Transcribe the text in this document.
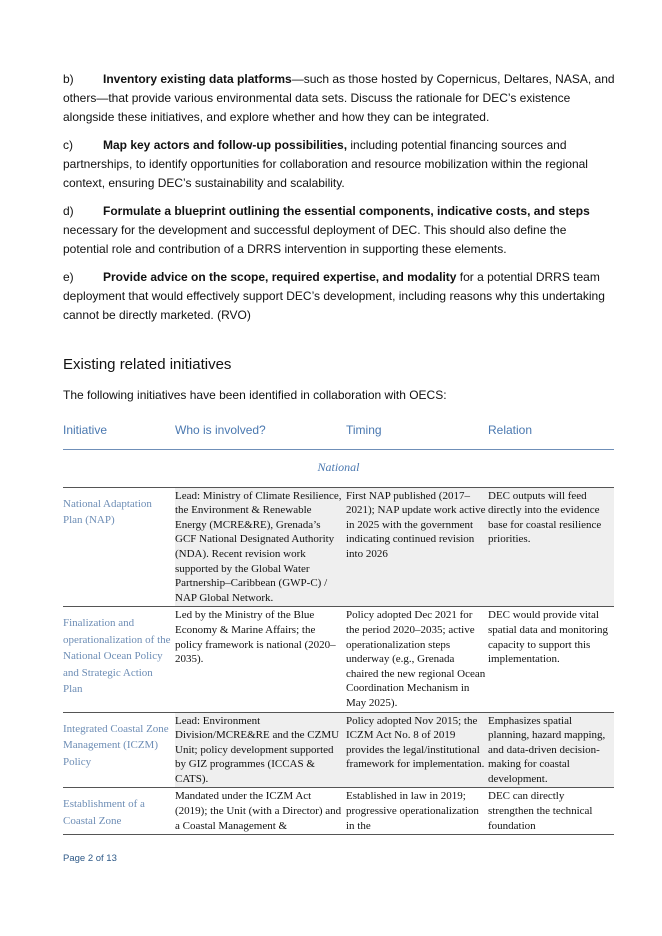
b) Inventory existing data platforms—such as those hosted by Copernicus, Deltares, NASA, and others—that provide various environmental data sets. Discuss the rationale for DEC’s existence alongside these initiatives, and explore whether and how they can be integrated.

c)	Map key actors and follow-up possibilities, including potential financing sources and partnerships, to identify opportunities for collaboration and resource mobilization within the regional context, ensuring DEC’s sustainability and scalability.

d) Formulate a blueprint outlining the essential components, indicative costs, and steps necessary for the development and successful deployment of DEC. This should also define the potential role and contribution of a DRRS intervention in supporting these elements.

e) Provide advice on the scope, required expertise, and modality for a potential DRRS team deployment that would effectively support DEC’s development, including reasons why this undertaking cannot be directly marketed. (RVO)

Existing related initiatives
The following initiatives have been identified in collaboration with OECS:
Initiative	Who is involved?	Timing	Relation
National			
National Adaptation Plan (NAP)	Lead: Ministry of Climate Resilience, the Environment & Renewable Energy (MCRE&RE), Grenada’s GCF National Designated Authority (NDA). Recent revision work supported by the Global Water Partnership–Caribbean (GWP-C) / NAP Global Network.	First NAP published (2017–2021); NAP update work active in 2025 with the government indicating continued revision into 2026	DEC outputs will feed directly into the evidence base for coastal resilience priorities.
Finalization and operationalization of the National Ocean Policy and Strategic Action Plan	Led by the Ministry of the Blue Economy & Marine Affairs; the policy framework is national (2020–2035).	Policy adopted Dec 2021 for the period 2020–2035; active operationalization steps underway (e.g., Grenada chaired the new regional Ocean Coordination Mechanism in May 2025).	DEC would provide vital spatial data and monitoring capacity to support this implementation.
Integrated Coastal Zone Management (ICZM) Policy	Lead: Environment Division/MCRE&RE and the CZMU Unit; policy development supported by GIZ programmes (ICCAS & CATS).	Policy adopted Nov 2015; the ICZM Act No. 8 of 2019 provides the legal/institutional framework for implementation.	Emphasizes spatial planning, hazard mapping, and data-driven decision-making for coastal development.
Establishment of a Coastal Zone	Mandated under the ICZM Act (2019); the Unit (with a Director) and a Coastal Management &	Established in law in 2019; progressive operationalization in the	DEC can directly strengthen the technical foundation
Page 2 of 13
